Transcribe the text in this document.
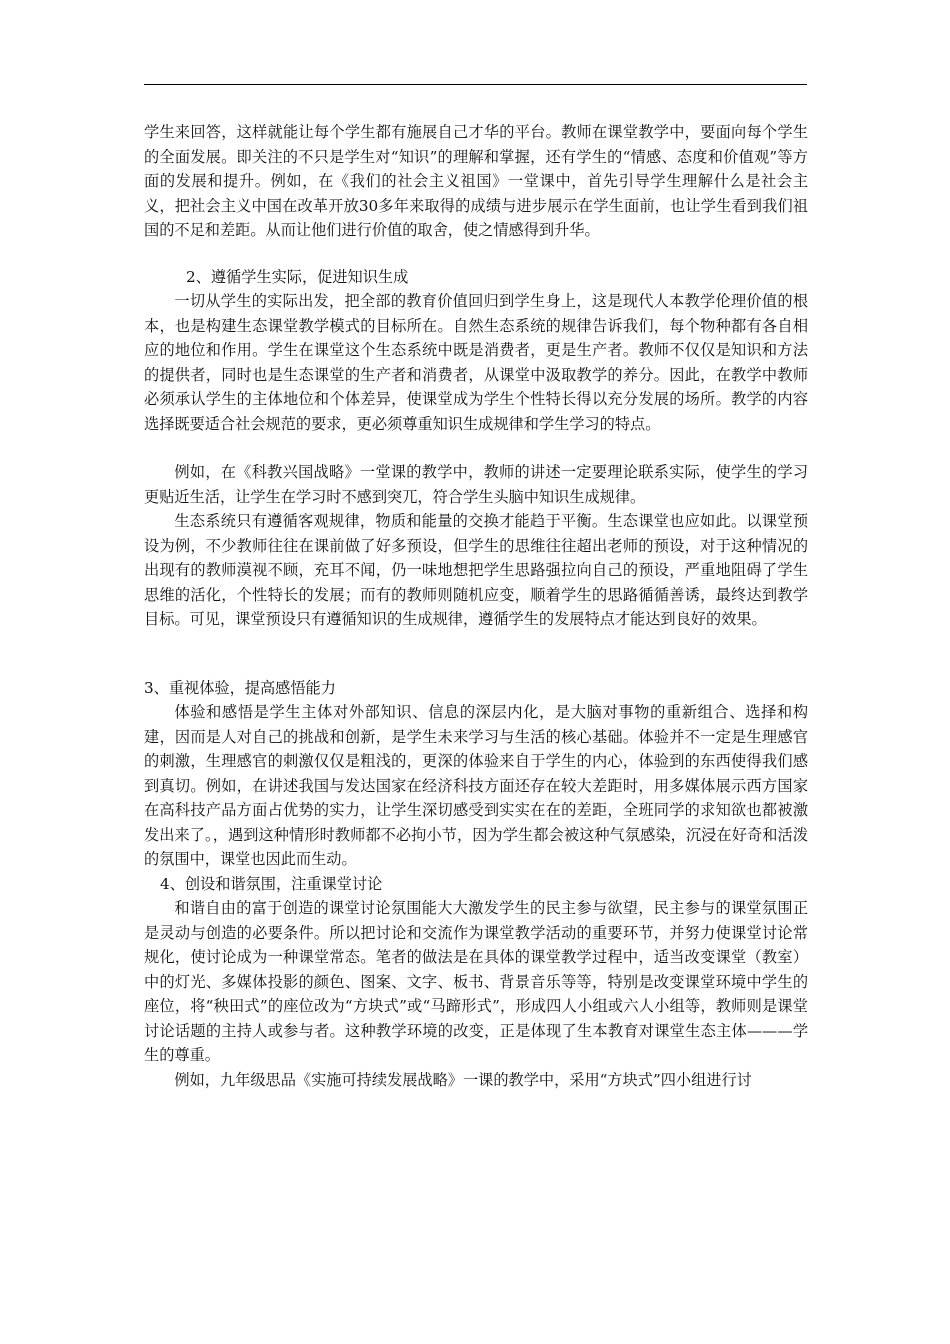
学生来回答，这样就能让每个学生都有施展自己才华的平台。教师在课堂教学中，要面向每个学生的全面发展。即关注的不只是学生对“知识”的理解和掌握，还有学生的“情感、态度和价值观”等方面的发展和提升。例如，在《我们的社会主义祖国》一堂课中，首先引导学生理解什么是社会主义，把社会主义中国在改革开放30多年来取得的成绩与进步展示在学生面前，也让学生看到我们祖国的不足和差距。从而让他们进行价值的取舍，使之情感得到升华。

2、遵循学生实际，促进知识生成

一切从学生的实际出发，把全部的教育价值回归到学生身上，这是现代人本教学伦理价值的根本，也是构建生态课堂教学模式的目标所在。自然生态系统的规律告诉我们，每个物种都有各自相应的地位和作用。学生在课堂这个生态系统中既是消费者，更是生产者。教师不仅仅是知识和方法的提供者，同时也是生态课堂的生产者和消费者，从课堂中汲取教学的养分。因此，在教学中教师必须承认学生的主体地位和个体差异，使课堂成为学生个性特长得以充分发展的场所。教学的内容选择既要适合社会规范的要求，更必须尊重知识生成规律和学生学习的特点。

例如，在《科教兴国战略》一堂课的教学中，教师的讲述一定要理论联系实际，使学生的学习更贴近生活，让学生在学习时不感到突兀，符合学生头脑中知识生成规律。

生态系统只有遵循客观规律，物质和能量的交换才能趋于平衡。生态课堂也应如此。以课堂预设为例，不少教师往往在课前做了好多预设，但学生的思维往往超出老师的预设，对于这种情况的出现有的教师漠视不顾，充耳不闻，仍一味地想把学生思路强拉向自己的预设，严重地阻碍了学生思维的活化，个性特长的发展；而有的教师则随机应变，顺着学生的思路循循善诱，最终达到教学目标。可见，课堂预设只有遵循知识的生成规律，遵循学生的发展特点才能达到良好的效果。

3、重视体验，提高感悟能力

体验和感悟是学生主体对外部知识、信息的深层内化，是大脑对事物的重新组合、选择和构建，因而是人对自己的挑战和创新，是学生未来学习与生活的核心基础。体验并不一定是生理感官的刺激，生理感官的刺激仅仅是粗浅的，更深的体验来自于学生的内心，体验到的东西使得我们感到真切。例如，在讲述我国与发达国家在经济科技方面还存在较大差距时，用多媒体展示西方国家在高科技产品方面占优势的实力，让学生深切感受到实实在在的差距，全班同学的求知欲也都被激发出来了。，遇到这种情形时教师都不必拘小节，因为学生都会被这种气氛感染，沉浸在好奇和活泼的氛围中，课堂也因此而生动。

4、创设和谐氛围，注重课堂讨论

和谐自由的富于创造的课堂讨论氛围能大大激发学生的民主参与欲望，民主参与的课堂氛围正是灵动与创造的必要条件。所以把讨论和交流作为课堂教学活动的重要环节，并努力使课堂讨论常规化，使讨论成为一种课堂常态。笔者的做法是在具体的课堂教学过程中，适当改变课堂（教室）中的灯光、多媒体投影的颜色、图案、文字、板书、背景音乐等等，特别是改变课堂环境中学生的座位，将“秧田式”的座位改为“方块式”或“马蹄形式”，形成四人小组或六人小组等，教师则是课堂讨论话题的主持人或参与者。这种教学环境的改变，正是体现了生本教育对课堂生态主体———学生的尊重。

例如，九年级思品《实施可持续发展战略》一课的教学中，采用“方块式”四小组进行讨
